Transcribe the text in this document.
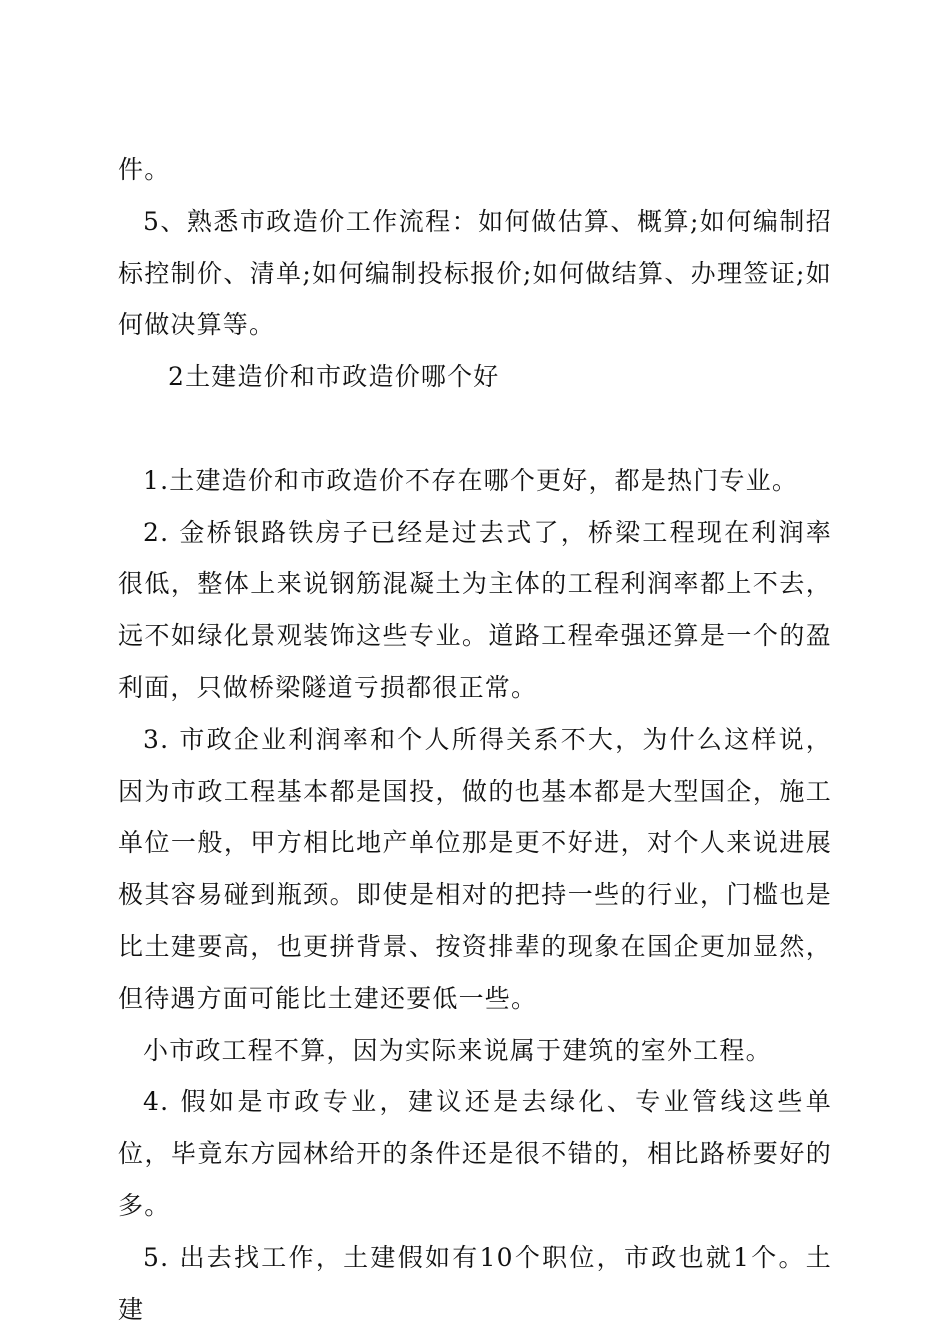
件。

5、熟悉市政造价工作流程：如何做估算、概算;如何编制招标控制价、清单;如何编制投标报价;如何做结算、办理签证;如何做决算等。

2土建造价和市政造价哪个好

1.土建造价和市政造价不存在哪个更好，都是热门专业。

2. 金桥银路铁房子已经是过去式了，桥梁工程现在利润率很低，整体上来说钢筋混凝土为主体的工程利润率都上不去，远不如绿化景观装饰这些专业。道路工程牵强还算是一个的盈利面，只做桥梁隧道亏损都很正常。

3. 市政企业利润率和个人所得关系不大，为什么这样说，因为市政工程基本都是国投，做的也基本都是大型国企，施工单位一般，甲方相比地产单位那是更不好进，对个人来说进展极其容易碰到瓶颈。即使是相对的把持一些的行业，门槛也是比土建要高，也更拼背景、按资排辈的现象在国企更加显然，但待遇方面可能比土建还要低一些。

小市政工程不算，因为实际来说属于建筑的室外工程。

4. 假如是市政专业，建议还是去绿化、专业管线这些单位，毕竟东方园林给开的条件还是很不错的，相比路桥要好的多。

5. 出去找工作，土建假如有10个职位，市政也就1个。土建
